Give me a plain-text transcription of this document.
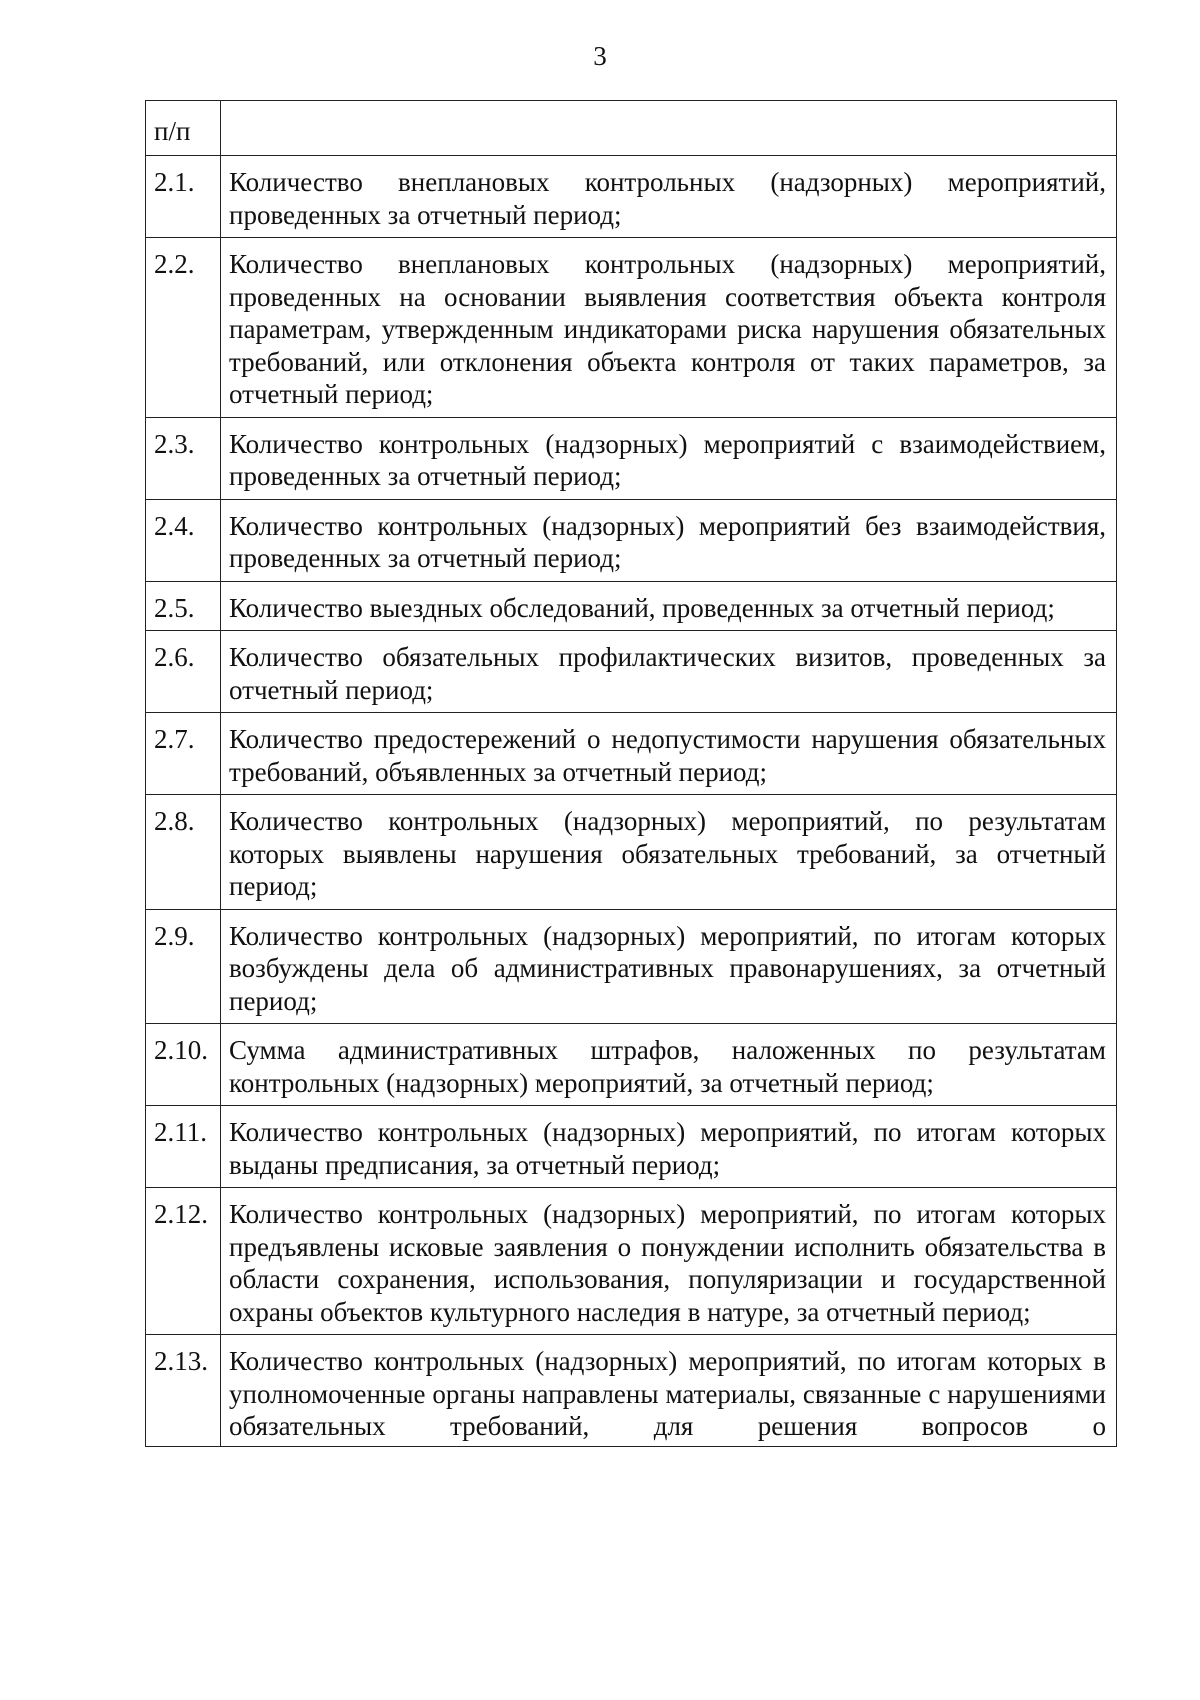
3
п/п	
2.1.	Количество внеплановых контрольных (надзорных) мероприятий, проведенных за отчетный период;
2.2.	Количество внеплановых контрольных (надзорных) мероприятий, проведенных на основании выявления соответствия объекта контроля параметрам, утвержденным индикаторами риска нарушения обязательных требований, или отклонения объекта контроля от таких параметров, за отчетный период;
2.3.	Количество контрольных (надзорных) мероприятий с взаимодействием, проведенных за отчетный период;
2.4.	Количество контрольных (надзорных) мероприятий без взаимодействия, проведенных за отчетный период;
2.5.	Количество выездных обследований, проведенных за отчетный период;
2.6.	Количество обязательных профилактических визитов, проведенных за отчетный период;
2.7.	Количество предостережений о недопустимости нарушения обязательных требований, объявленных за отчетный период;
2.8.	Количество контрольных (надзорных) мероприятий, по результатам которых выявлены нарушения обязательных требований, за отчетный период;
2.9.	Количество контрольных (надзорных) мероприятий, по итогам которых возбуждены дела об административных правонарушениях, за отчетный период;
2.10.	Сумма административных штрафов, наложенных по результатам контрольных (надзорных) мероприятий, за отчетный период;
2.11.	Количество контрольных (надзорных) мероприятий, по итогам которых выданы предписания, за отчетный период;
2.12.	Количество контрольных (надзорных) мероприятий, по итогам которых предъявлены исковые заявления о понуждении исполнить обязательства в области сохранения, использования, популяризации и государственной охраны объектов культурного наследия в натуре, за отчетный период;
2.13.	Количество контрольных (надзорных) мероприятий, по итогам которых в уполномоченные органы направлены материалы, связанные с нарушениями обязательных требований, для решения вопросов о
